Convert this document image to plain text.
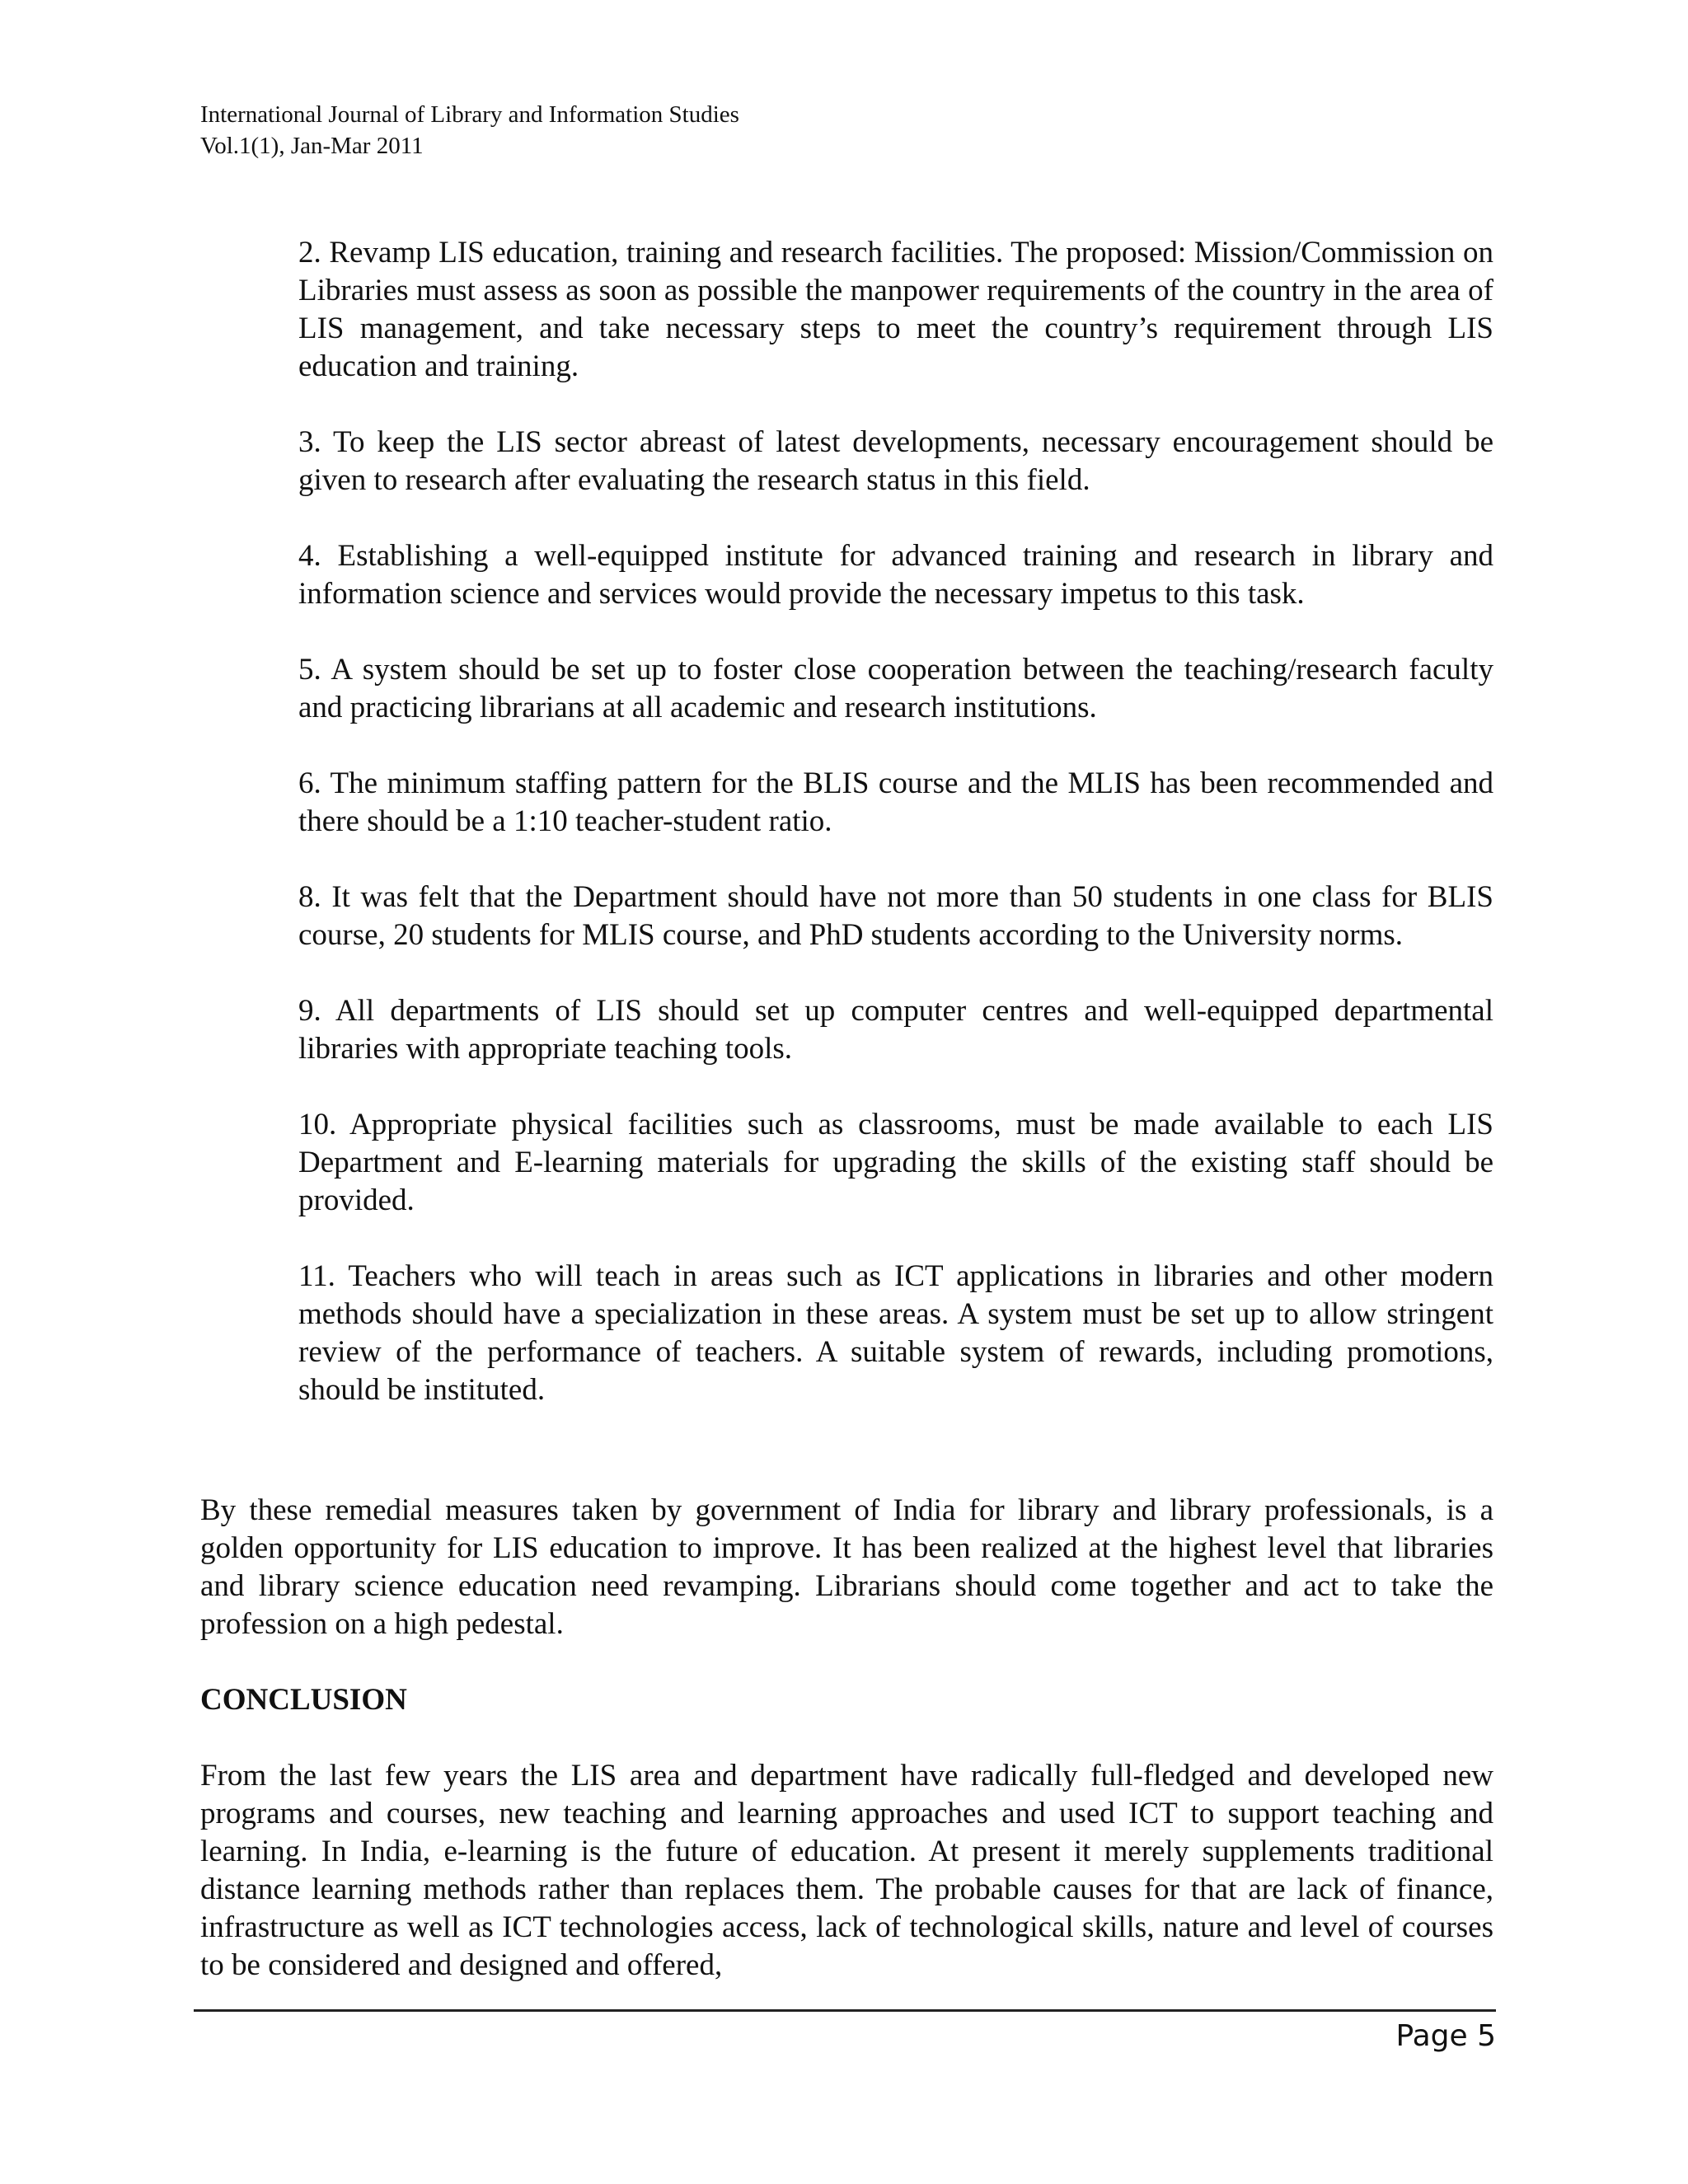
International Journal of Library and Information Studies
Vol.1(1), Jan-Mar 2011

2. Revamp LIS education, training and research facilities. The proposed: Mission/Commission on Libraries must assess as soon as possible the manpower requirements of the country in the area of LIS management, and take necessary steps to meet the country’s requirement through LIS education and training.

3. To keep the LIS sector abreast of latest developments, necessary encouragement should be given to research after evaluating the research status in this field.

4. Establishing a well-equipped institute for advanced training and research in library and information science and services would provide the necessary impetus to this task.

5. A system should be set up to foster close cooperation between the teaching/research faculty and practicing librarians at all academic and research institutions.

6. The minimum staffing pattern for the BLIS course and the MLIS has been recommended and there should be a 1:10 teacher-student ratio.

8. It was felt that the Department should have not more than 50 students in one class for BLIS course, 20 students for MLIS course, and PhD students according to the University norms.

9. All departments of LIS should set up computer centres and well-equipped departmental libraries with appropriate teaching tools.

10. Appropriate physical facilities such as classrooms, must be made available to each LIS Department and E-learning materials for upgrading the skills of the existing staff should be provided.

11. Teachers who will teach in areas such as ICT applications in libraries and other modern methods should have a specialization in these areas. A system must be set up to allow stringent review of the performance of teachers. A suitable system of rewards, including promotions, should be instituted.

By these remedial measures taken by government of India for library and library professionals, is a golden opportunity for LIS education to improve. It has been realized at the highest level that libraries and library science education need revamping. Librarians should come together and act to take the profession on a high pedestal.

CONCLUSION

From the last few years the LIS area and department have radically full-fledged and developed new programs and courses, new teaching and learning approaches and used ICT to support teaching and learning. In India, e-learning is the future of education. At present it merely supplements traditional distance learning methods rather than replaces them. The probable causes for that are lack of finance, infrastructure as well as ICT technologies access, lack of technological skills, nature and level of courses to be considered and designed and offered,

Page 5
